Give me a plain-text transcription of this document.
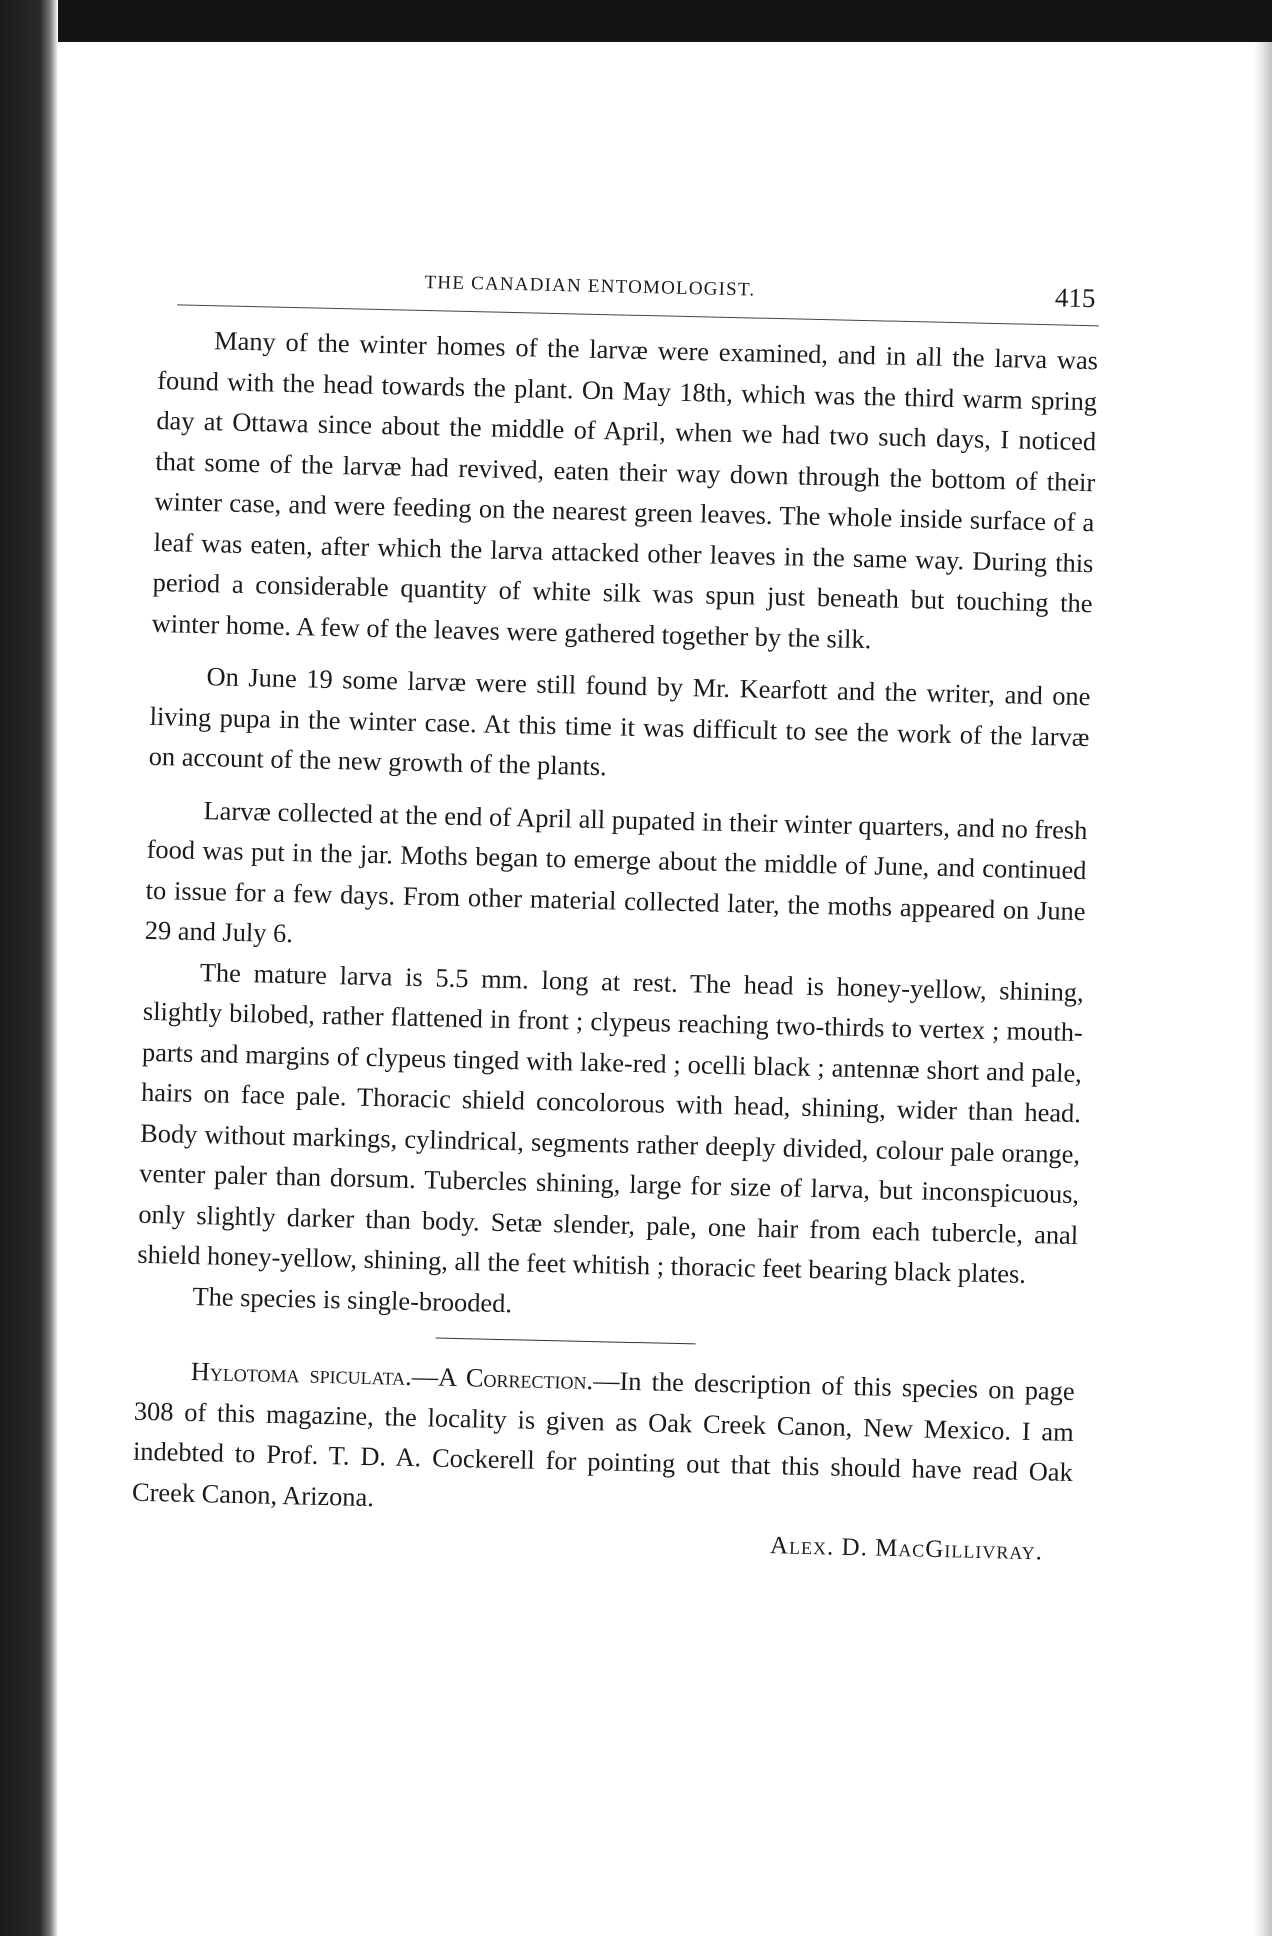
THE CANADIAN ENTOMOLOGIST.	415

Many of the winter homes of the larvæ were examined, and in all the larva was found with the head towards the plant. On May 18th, which was the third warm spring day at Ottawa since about the middle of April, when we had two such days, I noticed that some of the larvæ had revived, eaten their way down through the bottom of their winter case, and were feeding on the nearest green leaves. The whole inside surface of a leaf was eaten, after which the larva attacked other leaves in the same way. During this period a considerable quantity of white silk was spun just beneath but touching the winter home. A few of the leaves were gathered together by the silk.

On June 19 some larvæ were still found by Mr. Kearfott and the writer, and one living pupa in the winter case. At this time it was difficult to see the work of the larvæ on account of the new growth of the plants.

Larvæ collected at the end of April all pupated in their winter quarters, and no fresh food was put in the jar. Moths began to emerge about the middle of June, and continued to issue for a few days. From other material collected later, the moths appeared on June 29 and July 6.

The mature larva is 5.5 mm. long at rest. The head is honey-yellow, shining, slightly bilobed, rather flattened in front ; clypeus reaching two-thirds to vertex ; mouth-parts and margins of clypeus tinged with lake-red ; ocelli black ; antennæ short and pale, hairs on face pale. Thoracic shield concolorous with head, shining, wider than head. Body without markings, cylindrical, segments rather deeply divided, colour pale orange, venter paler than dorsum. Tubercles shining, large for size of larva, but inconspicuous, only slightly darker than body. Setæ slender, pale, one hair from each tubercle, anal shield honey-yellow, shining, all the feet whitish ; thoracic feet bearing black plates.

The species is single-brooded.

Hylotoma spiculata.—A Correction.—In the description of this species on page 308 of this magazine, the locality is given as Oak Creek Canon, New Mexico. I am indebted to Prof. T. D. A. Cockerell for pointing out that this should have read Oak Creek Canon, Arizona.

Alex. D. MacGillivray.
